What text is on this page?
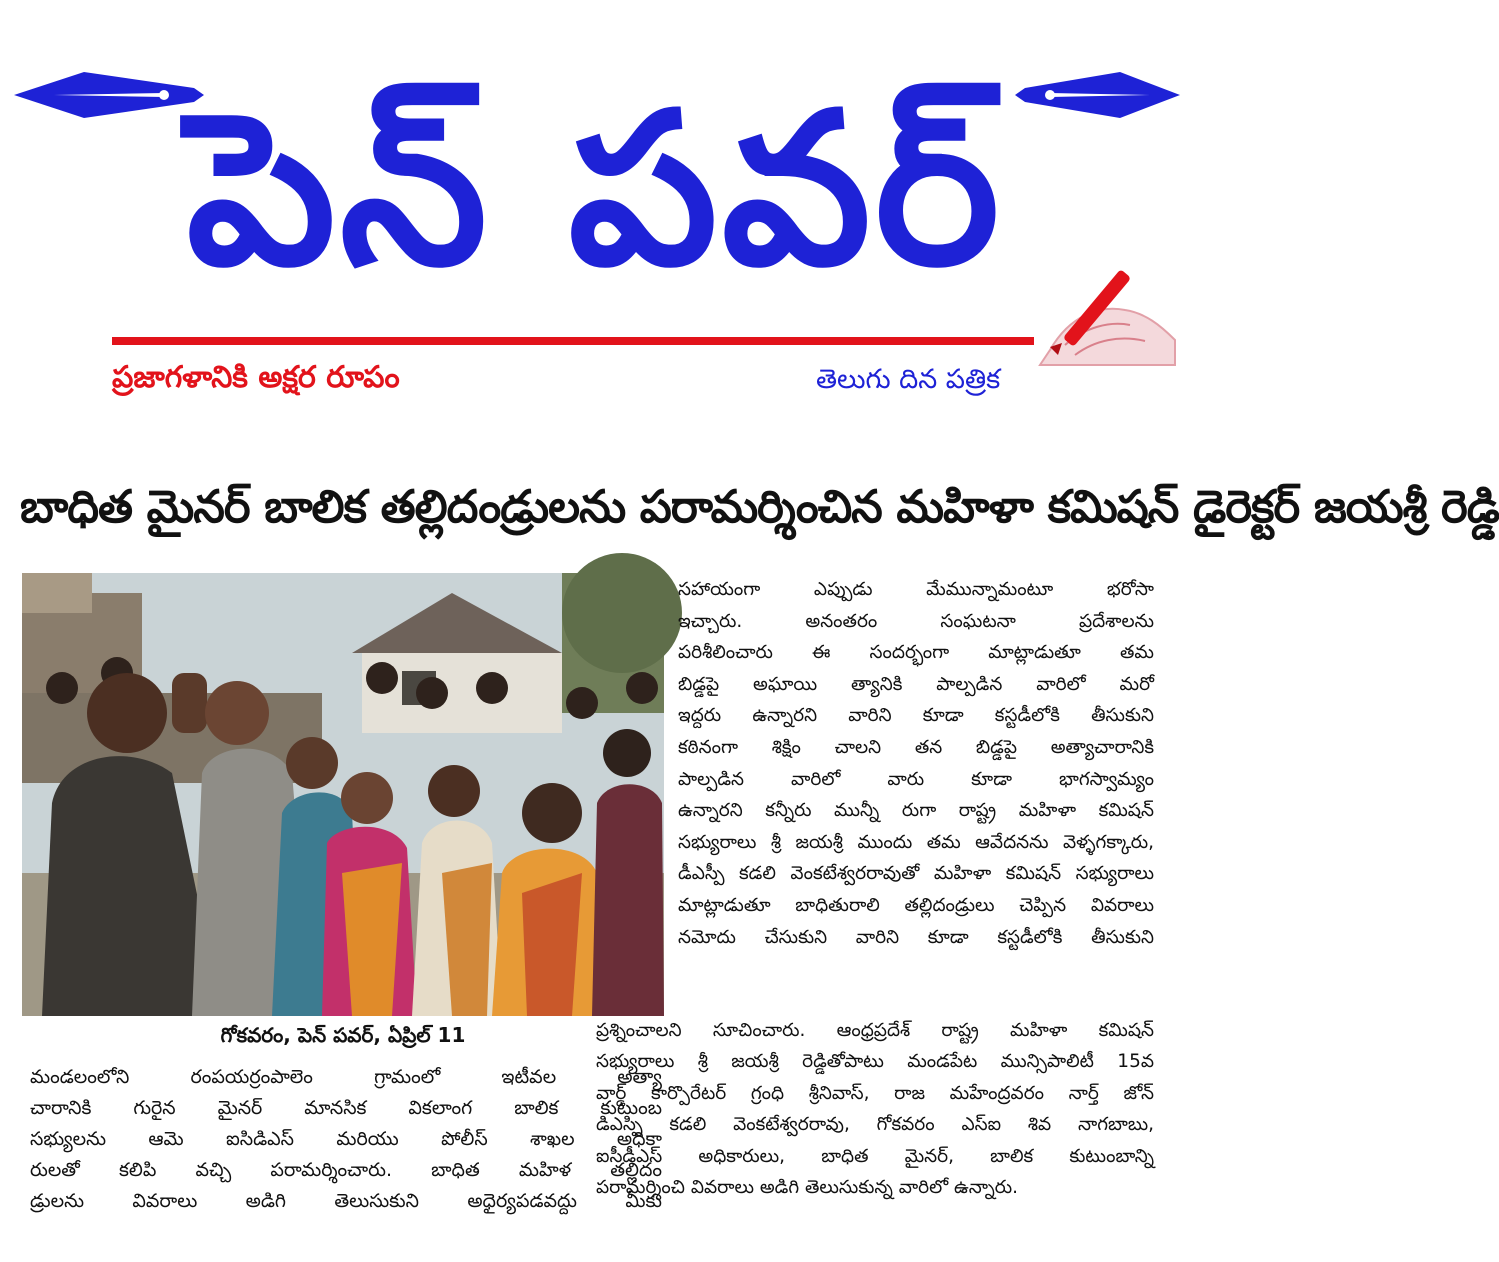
పెన్ పవర్
ప్రజాగళానికి అక్షర రూపం	తెలుగు దిన పత్రిక
బాధిత మైనర్ బాలిక తల్లిదండ్రులను పరామర్శించిన మహిళా కమిషన్ డైరెక్టర్ జయశ్రీ రెడ్డి
గోకవరం, పెన్ పవర్, ఏప్రిల్ 11
సహాయంగా ఎప్పుడు మేమున్నామంటూ భరోసా
ఇచ్చారు. అనంతరం సంఘటనా ప్రదేశాలను
పరిశీలించారు ఈ సందర్భంగా మాట్లాడుతూ తమ
బిడ్డపై అఘాయి త్యానికి పాల్పడిన వారిలో మరో
ఇద్దరు ఉన్నారని వారిని కూడా కస్టడీలోకి తీసుకుని
కఠినంగా శిక్షిం చాలని తన బిడ్డపై అత్యాచారానికి
పాల్పడిన వారిలో వారు కూడా భాగస్వామ్యం
ఉన్నారని కన్నీరు మున్నీ రుగా రాష్ట్ర మహిళా కమిషన్
సభ్యురాలు శ్రీ జయశ్రీ ముందు తమ ఆవేదనను వెళ్ళగక్కారు,
డీఎస్పీ కడలి వెంకటేశ్వరరావుతో మహిళా కమిషన్ సభ్యురాలు
మాట్లాడుతూ బాధితురాలి తల్లిదండ్రులు చెప్పిన వివరాలు
నమోదు చేసుకుని వారిని కూడా కస్టడీలోకి తీసుకుని
మండలంలోని రంపయర్రంపాలెం గ్రామంలో ఇటీవల అత్యా
చారానికి గురైన మైనర్ మానసిక వికలాంగ బాలిక కుటుంబ
సభ్యులను ఆమె ఐసిడిఎస్ మరియు పోలీస్ శాఖల అధికా
రులతో కలిపి వచ్చి పరామర్శించారు. బాధిత మహిళ తల్లిదం
డ్రులను వివరాలు అడిగి తెలుసుకుని అధైర్యపడవద్దు మీకు
ప్రశ్నించాలని సూచించారు. ఆంధ్రప్రదేశ్ రాష్ట్ర మహిళా కమిషన్
సభ్యురాలు శ్రీ జయశ్రీ రెడ్డితోపాటు మండపేట మున్సిపాలిటీ 15వ
వార్డ్ కార్పొరేటర్ గ్రంధి శ్రీనివాస్, రాజ మహేంద్రవరం నార్త్ జోన్
డిఎస్పి కడలి వెంకటేశ్వరరావు, గోకవరం ఎస్ఐ శివ నాగబాబు,
ఐసీడీఎస్ అధికారులు, బాధిత మైనర్, బాలిక కుటుంబాన్ని
పరామర్శించి వివరాలు అడిగి తెలుసుకున్న వారిలో ఉన్నారు.
